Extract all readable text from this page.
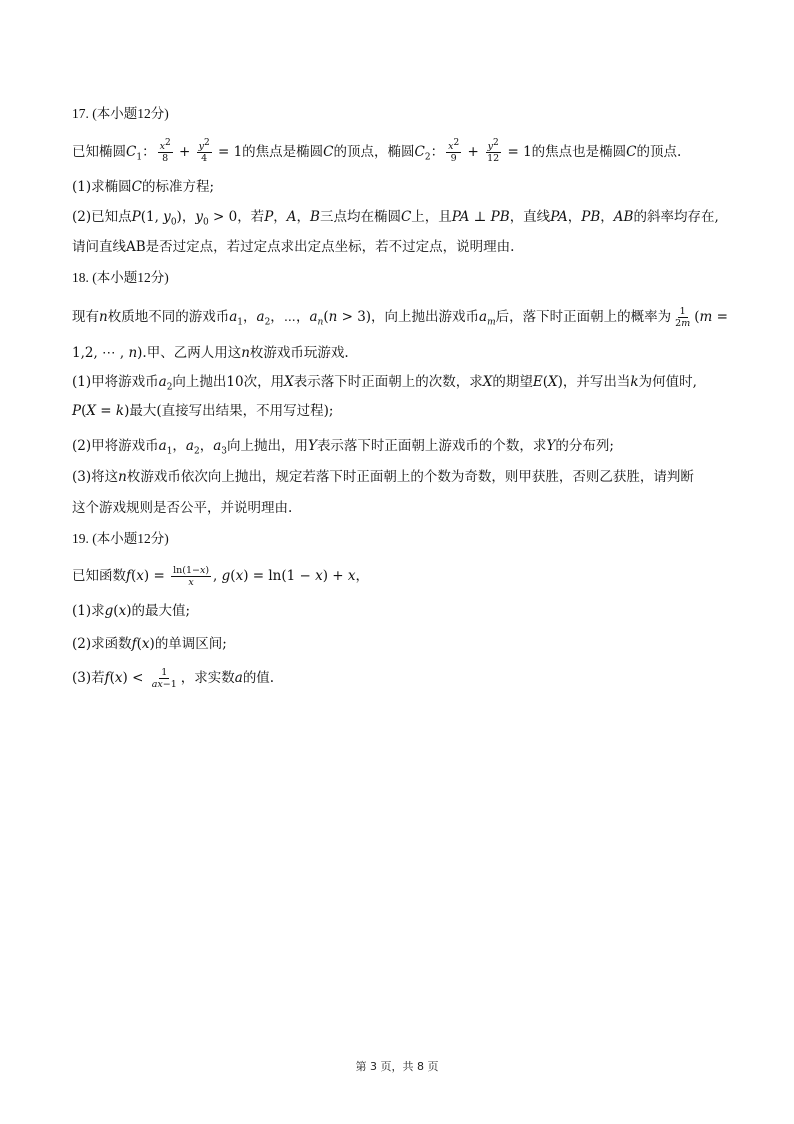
17. (本小题12分)
已知椭圆$C_1$： $\frac{x^2}{8} + \frac{y^2}{4} = 1$的焦点是椭圆C的顶点，椭圆$C_2$： $\frac{x^2}{9} + \frac{y^2}{12} = 1$的焦点也是椭圆C的顶点.
(1)求椭圆C的标准方程;
(2)已知点P(1, $y_0$)，$y_0 > 0$，若P，A，B三点均在椭圆C上，且PA ⊥ PB，直线PA，PB，AB的斜率均存在,
请问直线AB是否过定点，若过定点求出定点坐标，若不过定点，说明理由.
18. (本小题12分)
现有n枚质地不同的游戏币$a_1$，$a_2$，⋯，$a_n(n > 3)$，向上抛出游戏币$a_m$后，落下时正面朝上的概率为 $\frac{1}{2m} (m$ =
1,2, ⋯ , n).甲、乙两人用这n枚游戏币玩游戏.
(1)甲将游戏币$a_2$向上抛出10次，用X表示落下时正面朝上的次数，求X的期望E(X)，并写出当k为何值时,
P(X = k)最大(直接写出结果，不用写过程);
(2)甲将游戏币$a_1$，$a_2$，$a_3$向上抛出，用Y表示落下时正面朝上游戏币的个数，求Y的分布列;
(3)将这n枚游戏币依次向上抛出，规定若落下时正面朝上的个数为奇数，则甲获胜，否则乙获胜，请判断
这个游戏规则是否公平，并说明理由.
19. (本小题12分)
已知函数$f(x) = \frac{\ln(1-x)}{x}$ , g(x) = ln(1 − x) + x，
(1)求g(x)的最大值;
(2)求函数f(x)的单调区间;
(3)若$f(x) < \frac{1}{ax-1}$ ，求实数a的值.
第 3 页，共 8 页
